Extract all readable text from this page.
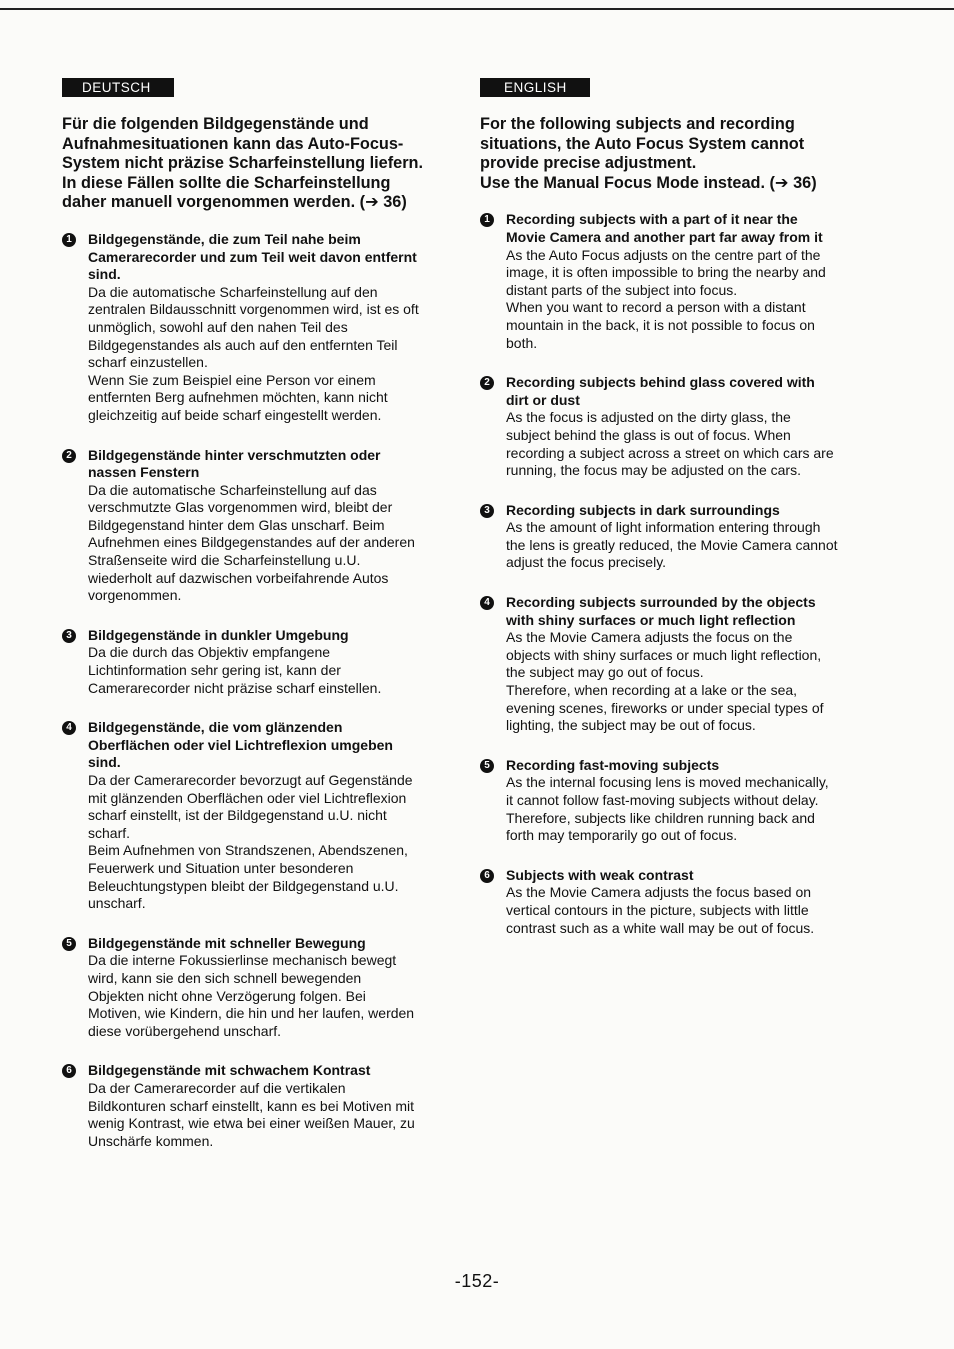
DEUTSCH
Für die folgenden Bildgegenstände und
Aufnahmesituationen kann das Auto-Focus-
System nicht präzise Scharfeinstellung liefern.
In diese Fällen sollte die Scharfeinstellung
daher manuell vorgenommen werden. (➔ 36)
1	Bildgegenstände, die zum Teil nahe beim
Camerarecorder und zum Teil weit davon entfernt
sind.
Da die automatische Scharfeinstellung auf den
zentralen Bildausschnitt vorgenommen wird, ist es oft
unmöglich, sowohl auf den nahen Teil des
Bildgegenstandes als auch auf den entfernten Teil
scharf einzustellen.
Wenn Sie zum Beispiel eine Person vor einem
entfernten Berg aufnehmen möchten, kann nicht
gleichzeitig auf beide scharf eingestellt werden.
2	Bildgegenstände hinter verschmutzten oder
nassen Fenstern
Da die automatische Scharfeinstellung auf das
verschmutzte Glas vorgenommen wird, bleibt der
Bildgegenstand hinter dem Glas unscharf. Beim
Aufnehmen eines Bildgegenstandes auf der anderen
Straßenseite wird die Scharfeinstellung u.U.
wiederholt auf dazwischen vorbeifahrende Autos
vorgenommen.
3	Bildgegenstände in dunkler Umgebung
Da die durch das Objektiv empfangene
Lichtinformation sehr gering ist, kann der
Camerarecorder nicht präzise scharf einstellen.
4	Bildgegenstände, die vom glänzenden
Oberflächen oder viel Lichtreflexion umgeben
sind.
Da der Camerarecorder bevorzugt auf Gegenstände
mit glänzenden Oberflächen oder viel Lichtreflexion
scharf einstellt, ist der Bildgegenstand u.U. nicht
scharf.
Beim Aufnehmen von Strandszenen, Abendszenen,
Feuerwerk und Situation unter besonderen
Beleuchtungstypen bleibt der Bildgegenstand u.U.
unscharf.
5	Bildgegenstände mit schneller Bewegung
Da die interne Fokussierlinse mechanisch bewegt
wird, kann sie den sich schnell bewegenden
Objekten nicht ohne Verzögerung folgen. Bei
Motiven, wie Kindern, die hin und her laufen, werden
diese vorübergehend unscharf.
6	Bildgegenstände mit schwachem Kontrast
Da der Camerarecorder auf die vertikalen
Bildkonturen scharf einstellt, kann es bei Motiven mit
wenig Kontrast, wie etwa bei einer weißen Mauer, zu
Unschärfe kommen.
ENGLISH
For the following subjects and recording
situations, the Auto Focus System cannot
provide precise adjustment.
Use the Manual Focus Mode instead. (➔ 36)
1	Recording subjects with a part of it near the
Movie Camera and another part far away from it
As the Auto Focus adjusts on the centre part of the
image, it is often impossible to bring the nearby and
distant parts of the subject into focus.
When you want to record a person with a distant
mountain in the back, it is not possible to focus on
both.
2	Recording subjects behind glass covered with
dirt or dust
As the focus is adjusted on the dirty glass, the
subject behind the glass is out of focus. When
recording a subject across a street on which cars are
running, the focus may be adjusted on the cars.
3	Recording subjects in dark surroundings
As the amount of light information entering through
the lens is greatly reduced, the Movie Camera cannot
adjust the focus precisely.
4	Recording subjects surrounded by the objects
with shiny surfaces or much light reflection
As the Movie Camera adjusts the focus on the
objects with shiny surfaces or much light reflection,
the subject may go out of focus.
Therefore, when recording at a lake or the sea,
evening scenes, fireworks or under special types of
lighting, the subject may be out of focus.
5	Recording fast-moving subjects
As the internal focusing lens is moved mechanically,
it cannot follow fast-moving subjects without delay.
Therefore, subjects like children running back and
forth may temporarily go out of focus.
6	Subjects with weak contrast
As the Movie Camera adjusts the focus based on
vertical contours in the picture, subjects with little
contrast such as a white wall may be out of focus.
-152-
